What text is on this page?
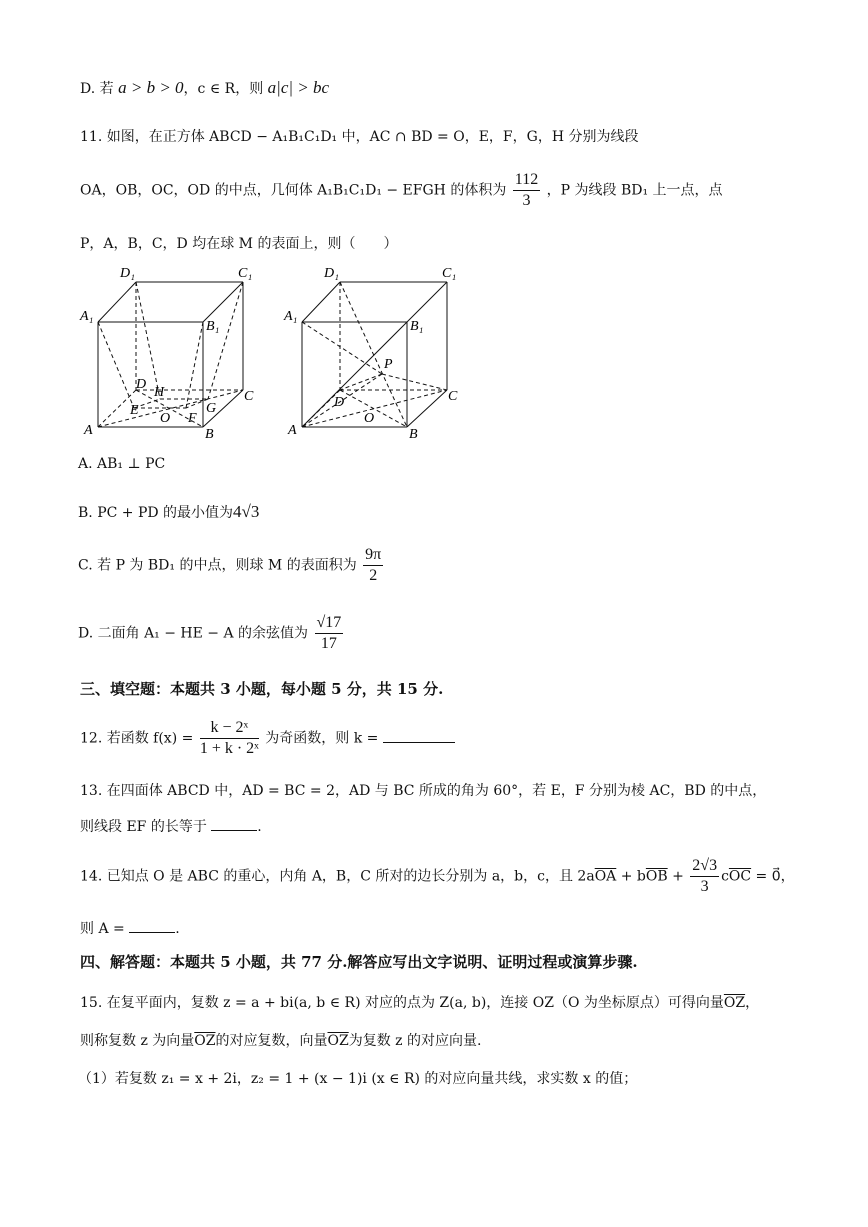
D. 若 a > b > 0，c ∈ R，则 a|c| > bc
11. 如图，在正方体 ABCD − A₁B₁C₁D₁ 中，AC ∩ BD = O，E，F，G，H 分别为线段
OA，OB，OC，OD 的中点，几何体 A₁B₁C₁D₁ − EFGH 的体积为 $\frac{112}{3}$ ，P 为线段 BD₁ 上一点，点
P，A，B，C，D 均在球 M 的表面上，则（　　）
D₁	C₁
A₁
B₁
D
H	C
E	G
O F
A	B
D₁	C₁
A₁
B₁
P
D	C
O
A	B
A. AB₁ ⊥ PC
B. PC + PD 的最小值为4√3
C. 若 P 为 BD₁ 的中点，则球 M 的表面积为 $\frac{9\pi}{2}$
D. 二面角 A₁ − HE − A 的余弦值为 $\frac{√17}{17}$
三、填空题：本题共 3 小题，每小题 5 分，共 15 分.
12. 若函数 $f(x) = \frac{\text{k − 2ˣ}}{\text{1 + k · 2ˣ}}$ 为奇函数，则 k =
13. 在四面体 ABCD 中，AD = BC = 2，AD 与 BC 所成的角为 60°，若 E，F 分别为棱 AC，BD 的中点，
则线段 EF 的长等于	.
14. 已知点 O 是 ABC 的重心，内角 A，B，C 所对的边长分别为 a，b，c，且 $2a\overline{OA} + b\overline{OB} + \frac{2√3}{3} c\overline{OC}$ = 0⃗，
则 A =	.
四、解答题：本题共 5 小题，共 77 分.解答应写出文字说明、证明过程或演算步骤.
15. 在复平面内，复数 z = a + bi(a, b ∈ R) 对应的点为 Z(a, b)，连接 OZ（O 为坐标原点）可得向量$\overline{OZ}$，
则称复数 z 为向量$\overline{OZ}$的对应复数，向量$\overline{OZ}$为复数 z 的对应向量.
（1）若复数 z₁ = x + 2i，z₂ = 1 + (x − 1)i (x ∈ R) 的对应向量共线，求实数 x 的值；
